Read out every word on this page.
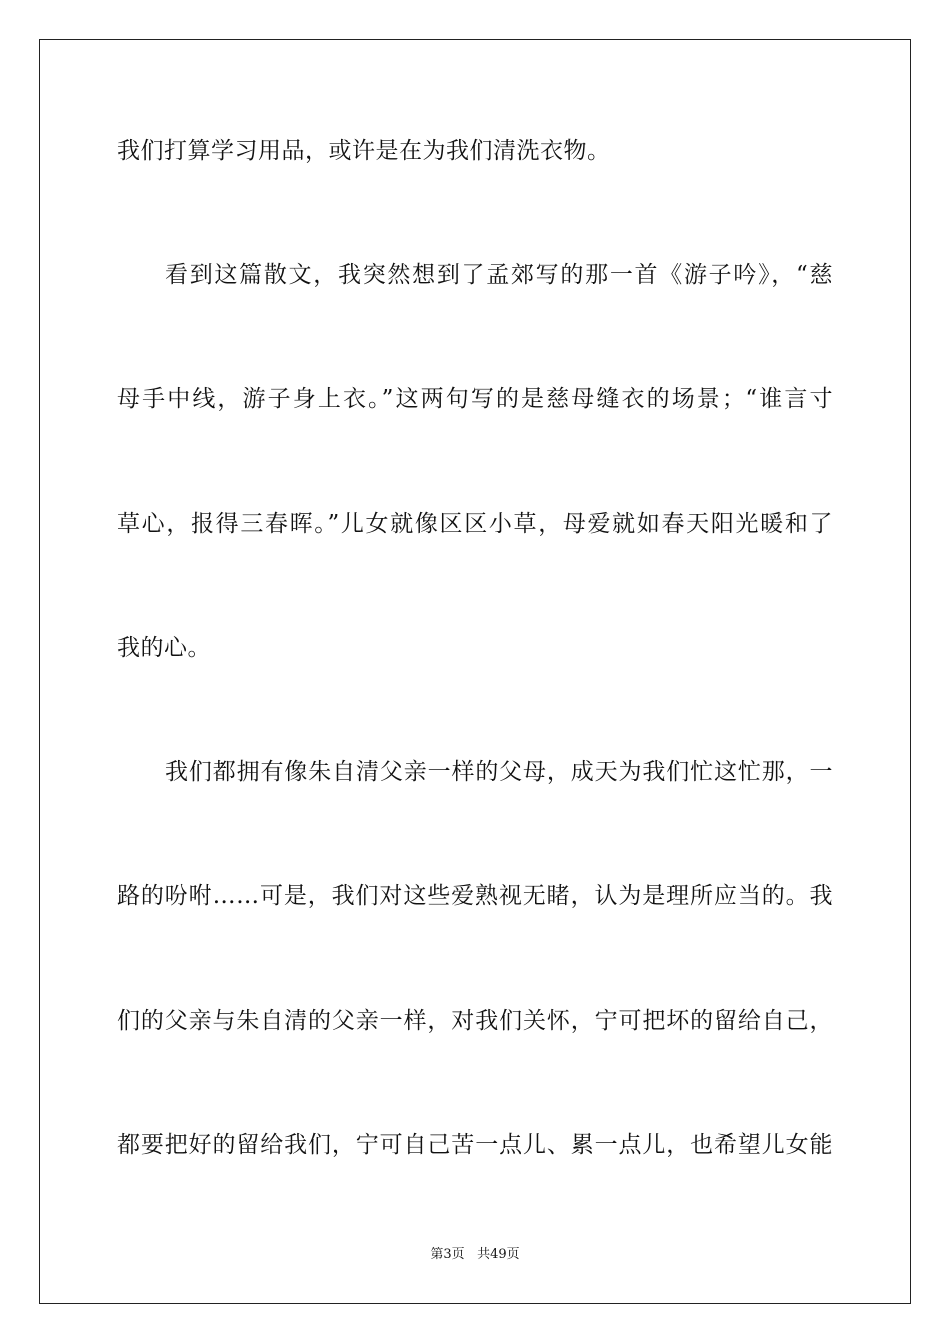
我们打算学习用品，或许是在为我们清洗衣物。
看到这篇散文，我突然想到了孟郊写的那一首《游子吟》，“慈
母手中线，游子身上衣。”这两句写的是慈母缝衣的场景；“谁言寸
草心，报得三春晖。”儿女就像区区小草，母爱就如春天阳光暖和了
我的心。
我们都拥有像朱自清父亲一样的父母，成天为我们忙这忙那，一
路的吩咐……可是，我们对这些爱熟视无睹，认为是理所应当的。我
们的父亲与朱自清的父亲一样，对我们关怀，宁可把坏的留给自己，
都要把好的留给我们，宁可自己苦一点儿、累一点儿，也希望儿女能
第3页 共49页
